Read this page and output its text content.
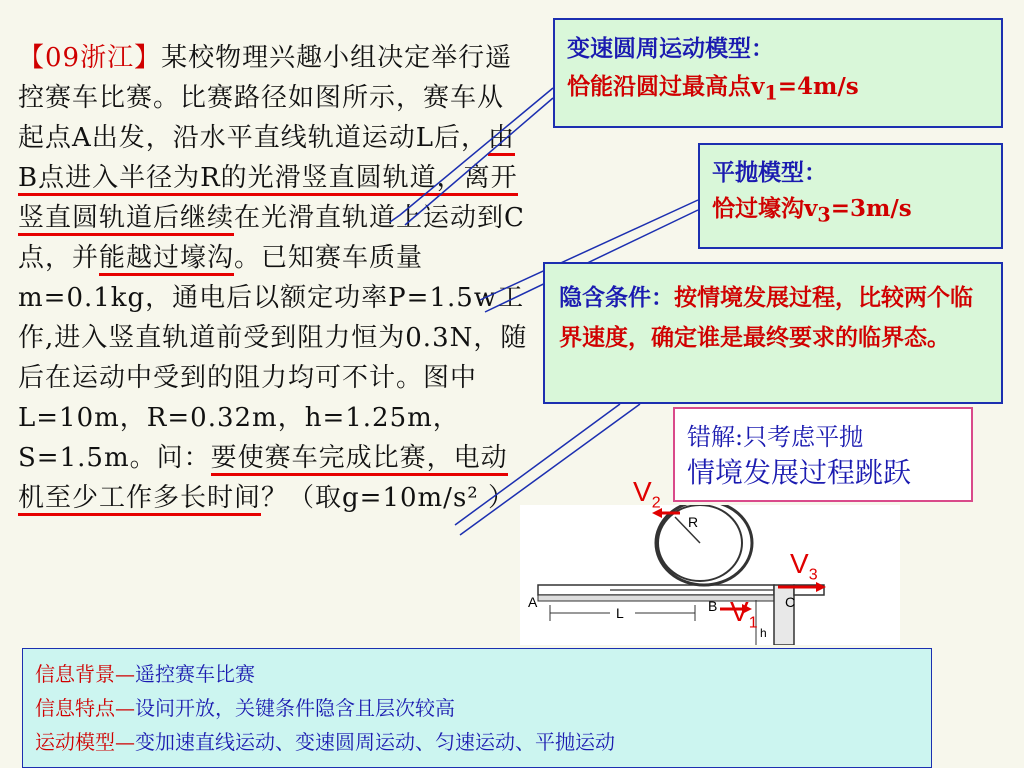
【09浙江】某校物理兴趣小组决定举行遥控赛车比赛。比赛路径如图所示，赛车从起点A出发，沿水平直线轨道运动L后，由B点进入半径为R的光滑竖直圆轨道，离开竖直圆轨道后继续在光滑直轨道上运动到C点，并能越过壕沟。已知赛车质量m=0.1kg，通电后以额定功率P=1.5w工作,进入竖直轨道前受到阻力恒为0.3N，随后在运动中受到的阻力均可不计。图中L=10m，R=0.32m，h=1.25m，S=1.5m。问：要使赛车完成比赛，电动机至少工作多长时间？（取g=10m/s² ）
变速圆周运动模型：
恰能沿圆过最高点$v_1=4m/s$
平抛模型：
恰过壕沟$v_3=3m/s$
隐含条件：按情境发展过程，比较两个临界速度，确定谁是最终要求的临界态。
错解:只考虑平抛
情境发展过程跳跃
A	B	C
L
R
h
$V_2$
$V_3$
$V_1$
信息背景—遥控赛车比赛
信息特点—设问开放，关键条件隐含且层次较高
运动模型—变加速直线运动、变速圆周运动、匀速运动、平抛运动
